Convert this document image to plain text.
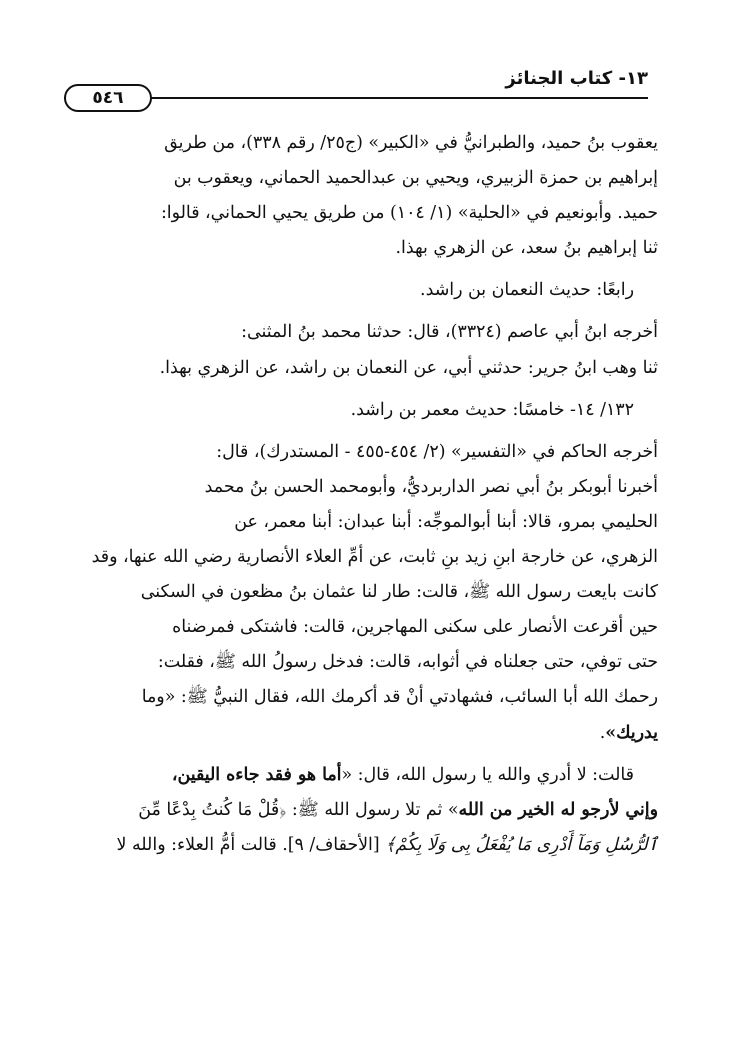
١٣- كتاب الجنائز
٥٤٦

يعقوب بنُ حميد، والطبرانيُّ في «الكبير» (ج٢٥/ رقم ٣٣٨)، من طريق
إبراهيم بن حمزة الزبيري، ويحيي بن عبدالحميد الحماني، ويعقوب بن
حميد. وأبونعيم في «الحلية» (١/ ١٠٤) من طريق يحيي الحماني، قالوا:
ثنا إبراهيم بنُ سعد، عن الزهري بهذا.

رابعًا: حديث النعمان بن راشد.

أخرجه ابنُ أبي عاصم (٣٣٢٤)، قال: حدثنا محمد بنُ المثنى:
ثنا وهب ابنُ جرير: حدثني أبي، عن النعمان بن راشد، عن الزهري بهذا.

١٣٢/ ١٤- خامسًا: حديث معمر بن راشد.

أخرجه الحاكم في «التفسير» (٢/ ٤٥٤-٤٥٥ - المستدرك)، قال:
أخبرنا أبوبكر بنُ أبي نصر الداربرديُّ، وأبومحمد الحسن بنُ محمد
الحليمي بمرو، قالا: أبنا أبوالموجِّه: أبنا عبدان: أبنا معمر، عن
الزهري، عن خارجة ابنِ زيد بنِ ثابت، عن أمِّ العلاء الأنصارية رضي الله عنها، وقد
كانت بايعت رسول الله ﷺ، قالت: طار لنا عثمان بنُ مظعون في السكنى
حين أقرعت الأنصار على سكنى المهاجرين، قالت: فاشتكى فمرضناه
حتى توفي، حتى جعلناه في أثوابه، قالت: فدخل رسولُ الله ﷺ، فقلت:
رحمك الله أبا السائب، فشهادتي أنْ قد أكرمك الله، فقال النبيُّ ﷺ: «وما
يدريك».

قالت: لا أدري والله يا رسول الله، قال: «أما هو فقد جاءه اليقين،
وإني لأرجو له الخير من الله» ثم تلا رسول الله ﷺ: ﴿قُلْ مَا كُنتُ بِدْعًا مِّنَ
ٱلرُّسُلِ وَمَآ أَدْرِى مَا يُفْعَلُ بِى وَلَا بِكُمْ﴾ [الأحقاف/ ٩]. قالت أمُّ العلاء: والله لا
